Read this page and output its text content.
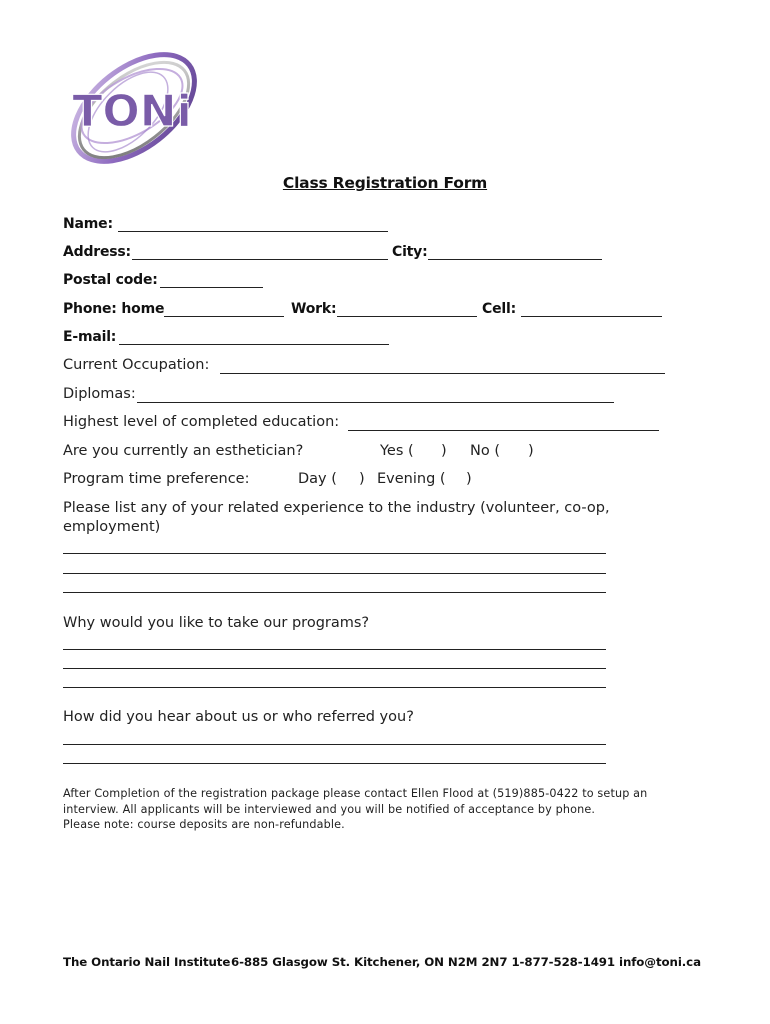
TONi
Class Registration Form
Name:
Address:	City:
Postal code:
Phone: home	Work:	Cell:
E-mail:
Current Occupation:
Diplomas:
Highest level of completed education:
Are you currently an esthetician?	Yes ( ) No ( )
Program time preference:	Day ( ) Evening ( )
Please list any of your related experience to the industry (volunteer, co-op,
employment)
Why would you like to take our programs?
How did you hear about us or who referred you?
After Completion of the registration package please contact Ellen Flood at (519)885-0422 to setup an
interview. All applicants will be interviewed and you will be notified of acceptance by phone.
Please note: course deposits are non-refundable.
The Ontario Nail Institute 6-885 Glasgow St. Kitchener, ON N2M 2N7 1-877-528-1491 info@toni.ca
